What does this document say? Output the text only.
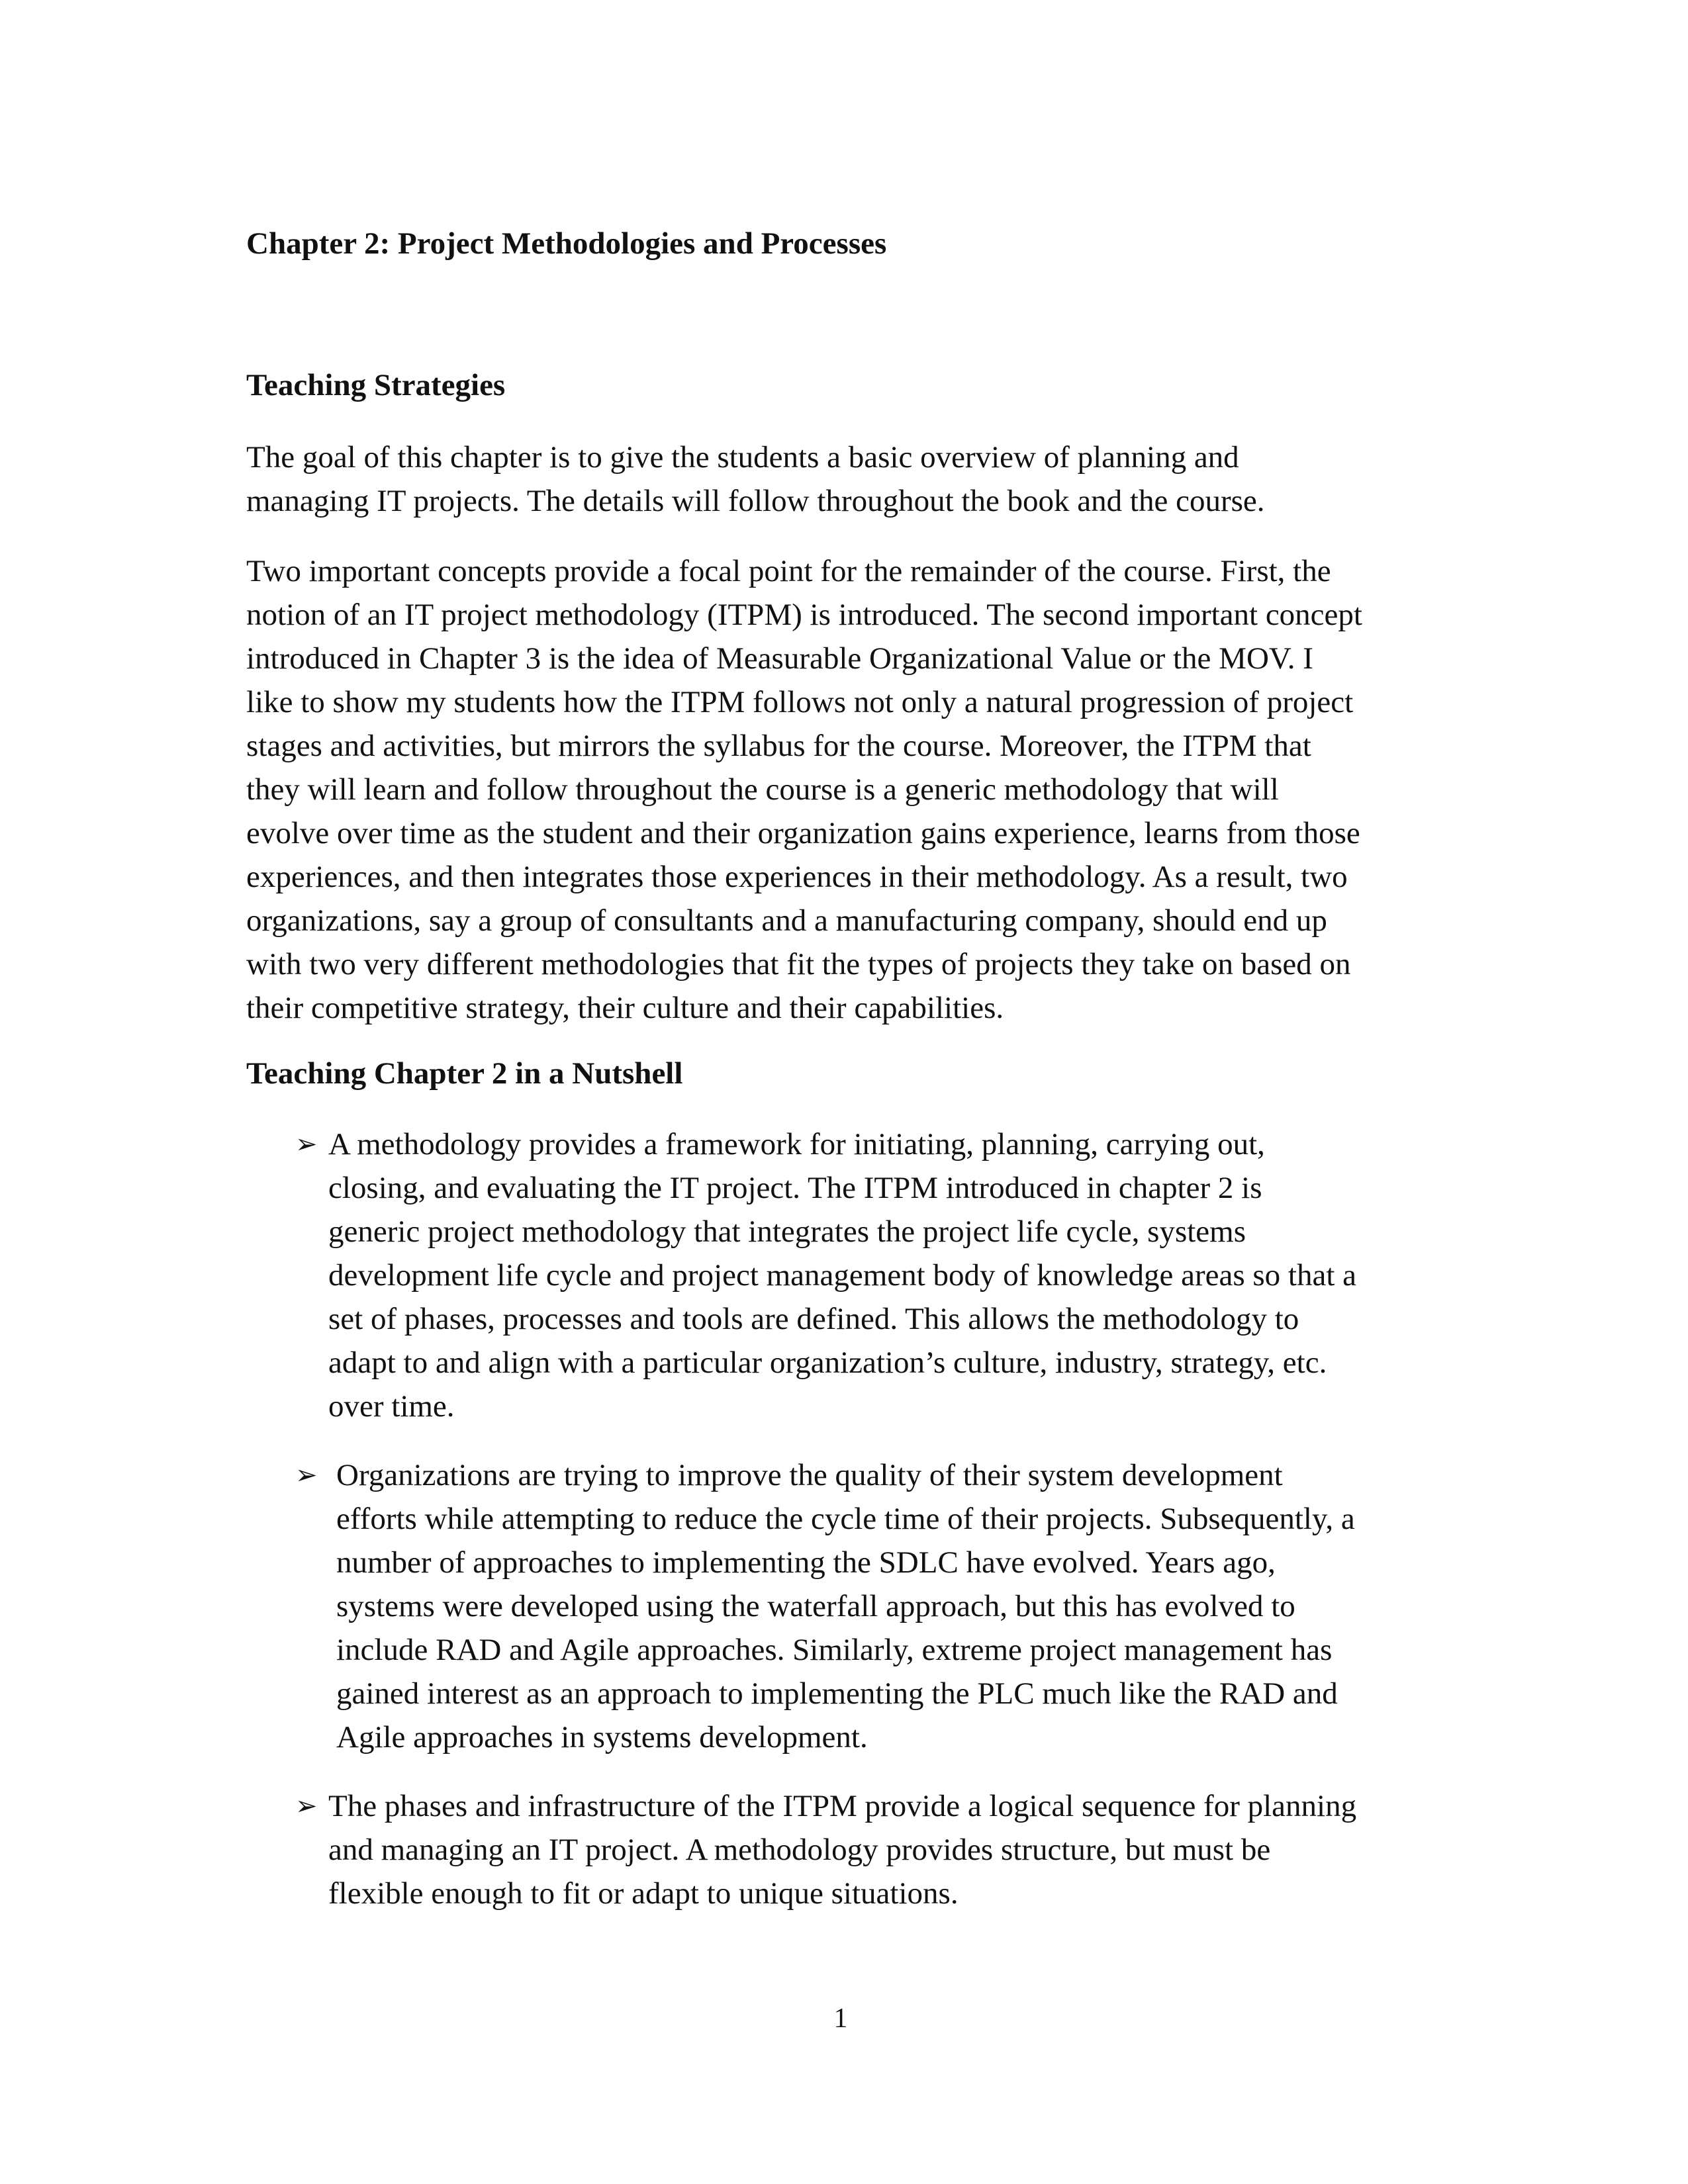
Chapter 2: Project Methodologies and Processes
Teaching Strategies

The goal of this chapter is to give the students a basic overview of planning and
managing IT projects. The details will follow throughout the book and the course.

Two important concepts provide a focal point for the remainder of the course. First, the
notion of an IT project methodology (ITPM) is introduced. The second important concept
introduced in Chapter 3 is the idea of Measurable Organizational Value or the MOV. I
like to show my students how the ITPM follows not only a natural progression of project
stages and activities, but mirrors the syllabus for the course. Moreover, the ITPM that
they will learn and follow throughout the course is a generic methodology that will
evolve over time as the student and their organization gains experience, learns from those
experiences, and then integrates those experiences in their methodology. As a result, two
organizations, say a group of consultants and a manufacturing company, should end up
with two very different methodologies that fit the types of projects they take on based on
their competitive strategy, their culture and their capabilities.

Teaching Chapter 2 in a Nutshell
➢ A methodology provides a framework for initiating, planning, carrying out,
closing, and evaluating the IT project. The ITPM introduced in chapter 2 is
generic project methodology that integrates the project life cycle, systems
development life cycle and project management body of knowledge areas so that a
set of phases, processes and tools are defined. This allows the methodology to
adapt to and align with a particular organization’s culture, industry, strategy, etc.
over time.
➢ Organizations are trying to improve the quality of their system development
efforts while attempting to reduce the cycle time of their projects. Subsequently, a
number of approaches to implementing the SDLC have evolved. Years ago,
systems were developed using the waterfall approach, but this has evolved to
include RAD and Agile approaches. Similarly, extreme project management has
gained interest as an approach to implementing the PLC much like the RAD and
Agile approaches in systems development.
➢ The phases and infrastructure of the ITPM provide a logical sequence for planning
and managing an IT project. A methodology provides structure, but must be
flexible enough to fit or adapt to unique situations.

1
